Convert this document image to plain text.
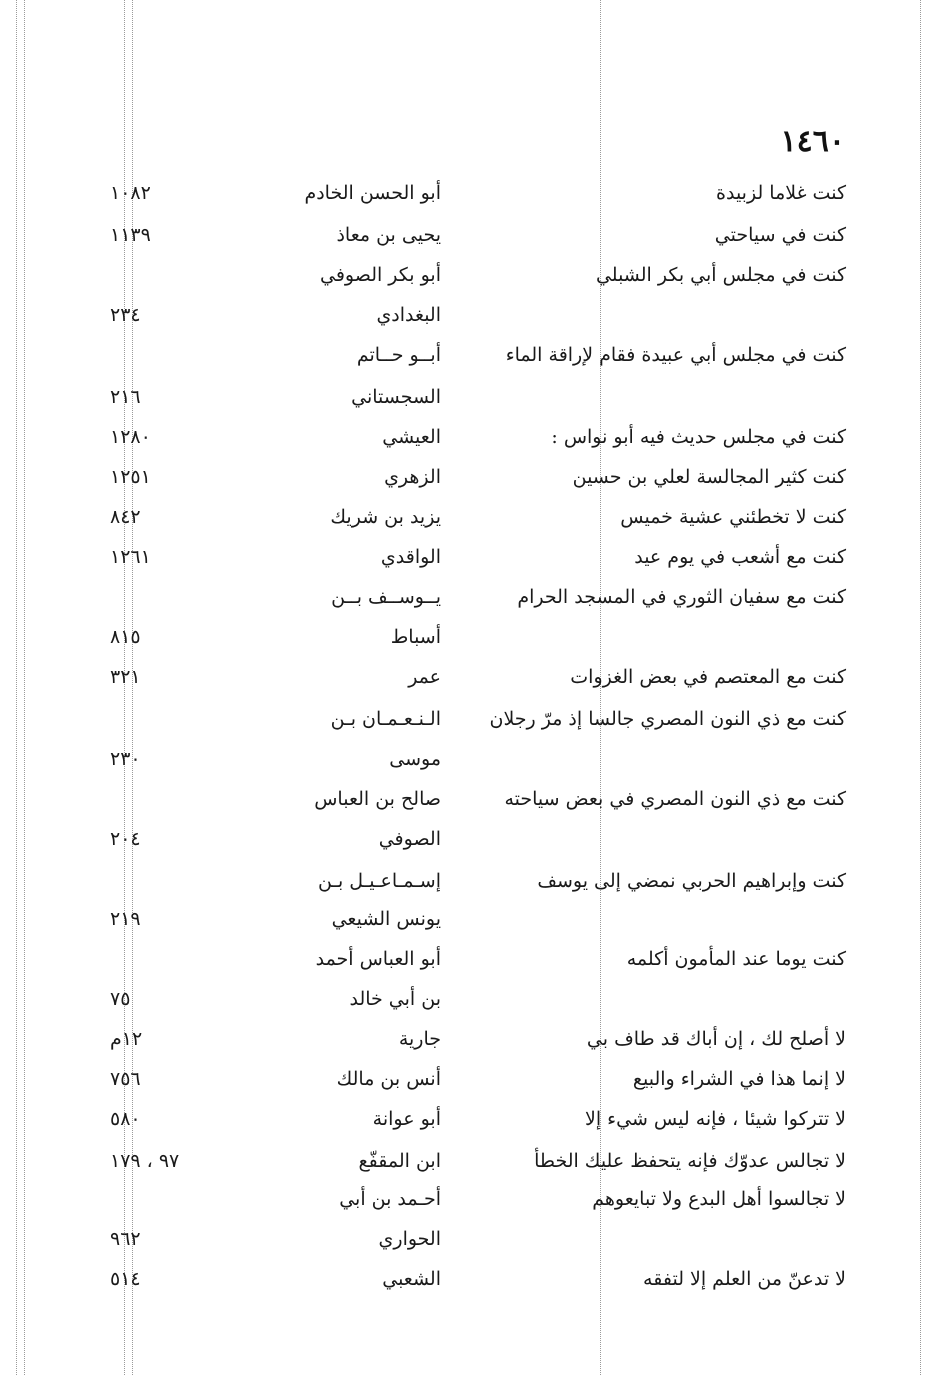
١٤٦٠
كنت غلاما لزبيدة
أبو الحسن الخادم
١٠٨٢
كنت في سياحتي
يحيى بن معاذ
١١٣٩
كنت في مجلس أبي بكر الشبلي
أبو بكر الصوفي
البغدادي
٢٣٤
كنت في مجلس أبي عبيدة فقام لإراقة الماء
أبــو حــاتم
السجستاني
٢١٦
كنت في مجلس حديث فيه أبو نواس :
العيشي
١٢٨٠
كنت كثير المجالسة لعلي بن حسين
الزهري
١٢٥١
كنت لا تخطئني عشية خميس
يزيد بن شريك
٨٤٢
كنت مع أشعب في يوم عيد
الواقدي
١٢٦١
كنت مع سفيان الثوري في المسجد الحرام
يــوســف بــن
أسباط
٨١٥
كنت مع المعتصم في بعض الغزوات
عمر
٣٢١
كنت مع ذي النون المصري جالسا إذ مرّ رجلان
الـنـعـمـان بـن
موسى
٢٣٠
كنت مع ذي النون المصري في بعض سياحته
صالح بن العباس
الصوفي
٢٠٤
كنت وإبراهيم الحربي نمضي إلى يوسف
إسـمـاعـيـل بـن
يونس الشيعي
٢١٩
كنت يوما عند المأمون أكلمه
أبو العباس أحمد
بن أبي خالد
٧٥
لا أصلح لك ، إن أباك قد طاف بي
جارية
١٢م
لا إنما هذا في الشراء والبيع
أنس بن مالك
٧٥٦
لا تتركوا شيئا ، فإنه ليس شيء إلا
أبو عوانة
٥٨٠
لا تجالس عدوّك فإنه يتحفظ عليك الخطأ
ابن المقفّع
٩٧ ، ١٧٩
لا تجالسوا أهل البدع ولا تبايعوهم
أحـمد بن أبي
الحواري
٩٦٢
لا تدعنّ من العلم إلا لتفقه
الشعبي
٥١٤
